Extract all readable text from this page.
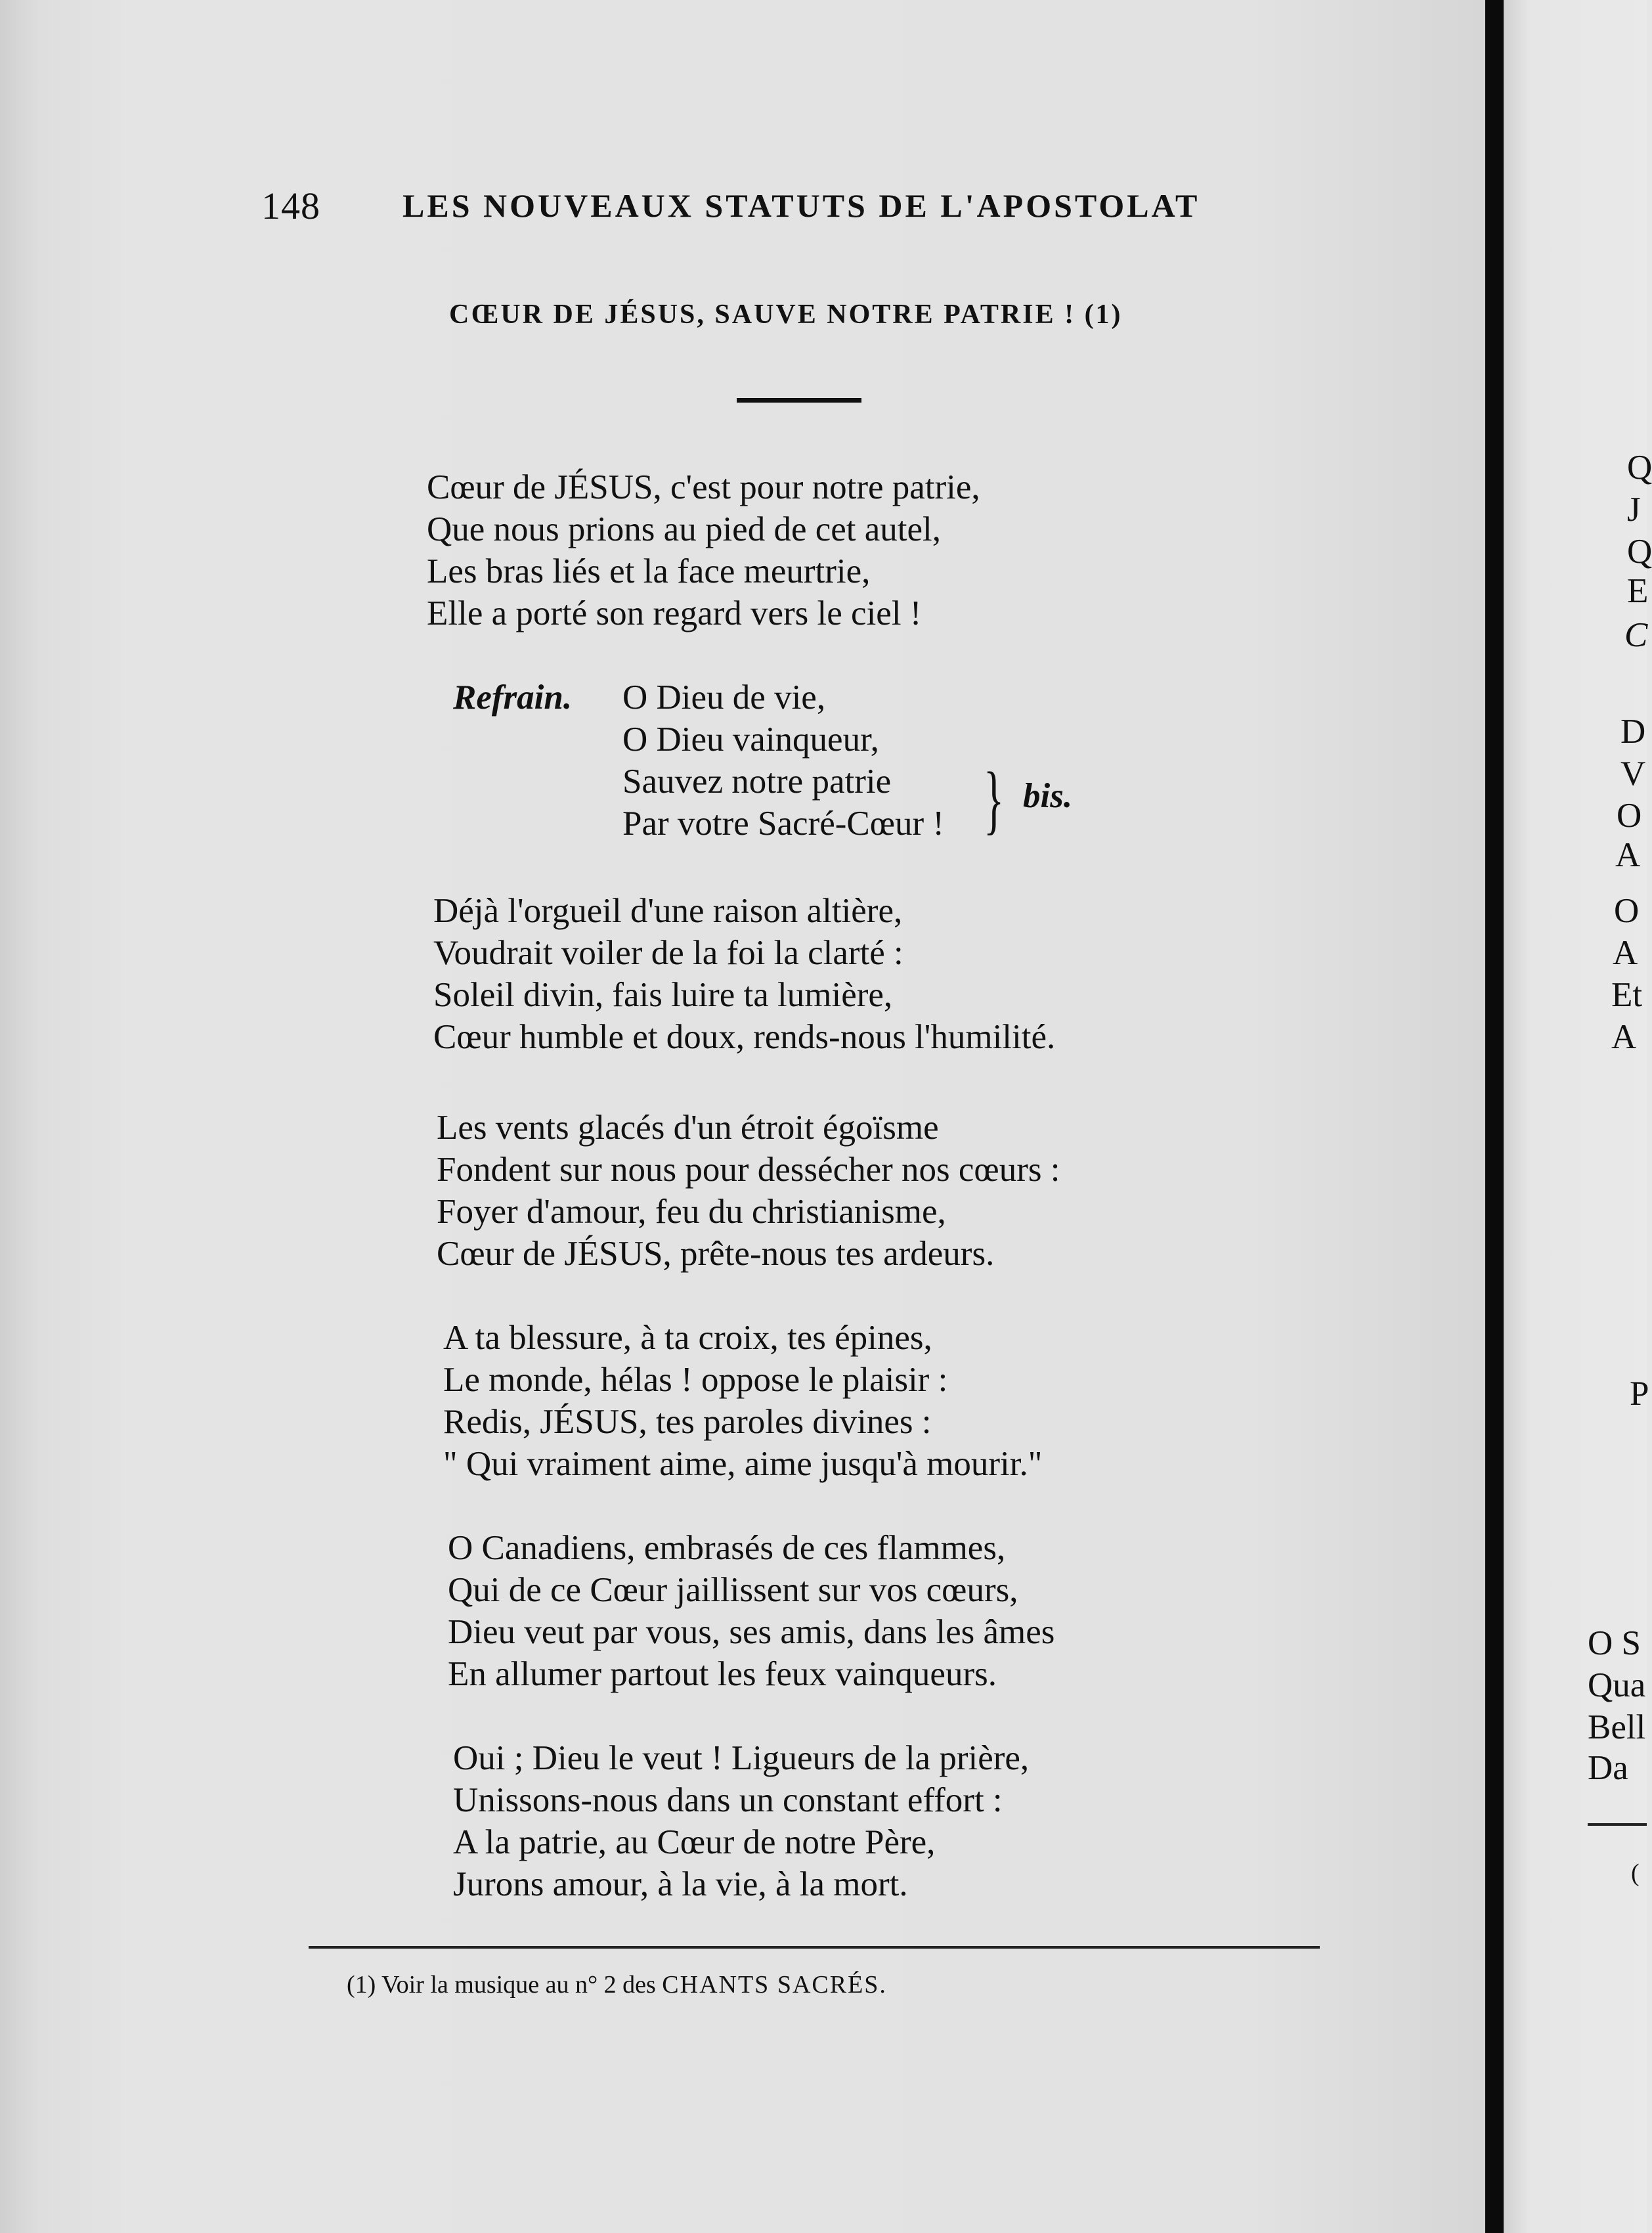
148	LES NOUVEAUX STATUTS DE L'APOSTOLAT
CŒUR DE JÉSUS, SAUVE NOTRE PATRIE ! (1)
Cœur de JÉSUS, c'est pour notre patrie,
Que nous prions au pied de cet autel,
Les bras liés et la face meurtrie,
Elle a porté son regard vers le ciel !
Refrain. O Dieu de vie,
O Dieu vainqueur,
Sauvez notre patrie
Par votre Sacré-Cœur ! } bis.
Déjà l'orgueil d'une raison altière,
Voudrait voiler de la foi la clarté :
Soleil divin, fais luire ta lumière,
Cœur humble et doux, rends-nous l'humilité.
Les vents glacés d'un étroit égoïsme
Fondent sur nous pour dessécher nos cœurs :
Foyer d'amour, feu du christianisme,
Cœur de JÉSUS, prête-nous tes ardeurs.
A ta blessure, à ta croix, tes épines,
Le monde, hélas ! oppose le plaisir :
Redis, JÉSUS, tes paroles divines :
" Qui vraiment aime, aime jusqu'à mourir."
O Canadiens, embrasés de ces flammes,
Qui de ce Cœur jaillissent sur vos cœurs,
Dieu veut par vous, ses amis, dans les âmes
En allumer partout les feux vainqueurs.
Oui ; Dieu le veut ! Ligueurs de la prière,
Unissons-nous dans un constant effort :
A la patrie, au Cœur de notre Père,
Jurons amour, à la vie, à la mort.
(1) Voir la musique au n° 2 des CHANTS SACRÉS.
Q
J
Q
E
C
D
V
O
A
O
A
Et
A
P
O S
Qua
Bell
Da
(
